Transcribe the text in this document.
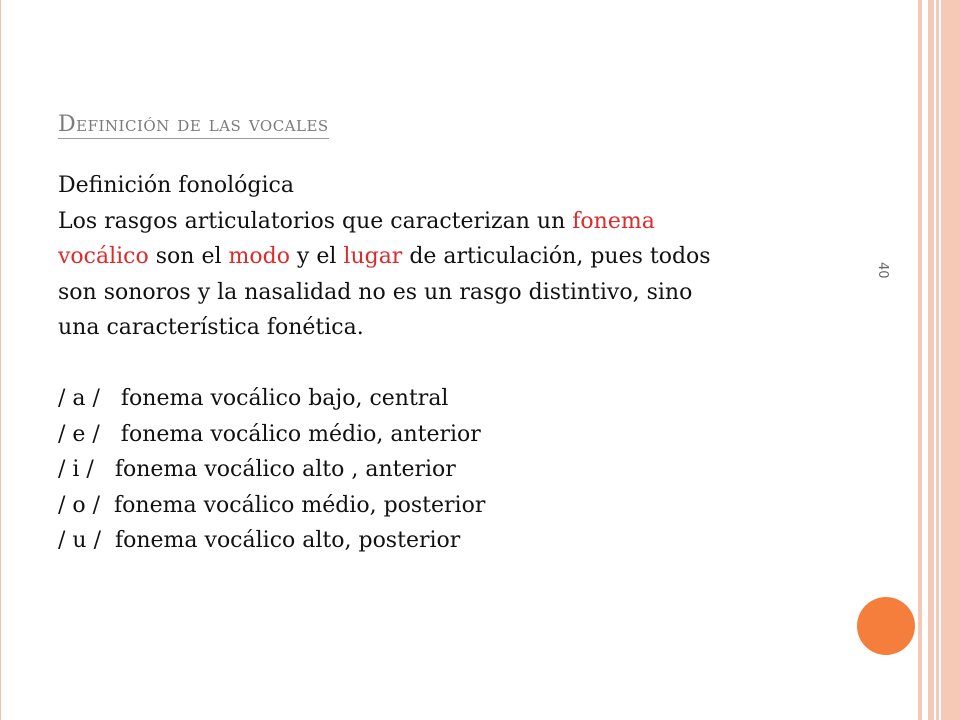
Definición de las vocales
Definición fonológica
Los rasgos articulatorios que caracterizan un fonema
vocálico son el modo y el lugar de articulación, pues todos
son sonoros y la nasalidad no es un rasgo distintivo, sino
una característica fonética.
/ a /   fonema vocálico bajo, central
/ e /   fonema vocálico médio, anterior
/ i /   fonema vocálico alto , anterior
/ o /  fonema vocálico médio, posterior
/ u /  fonema vocálico alto, posterior
40
